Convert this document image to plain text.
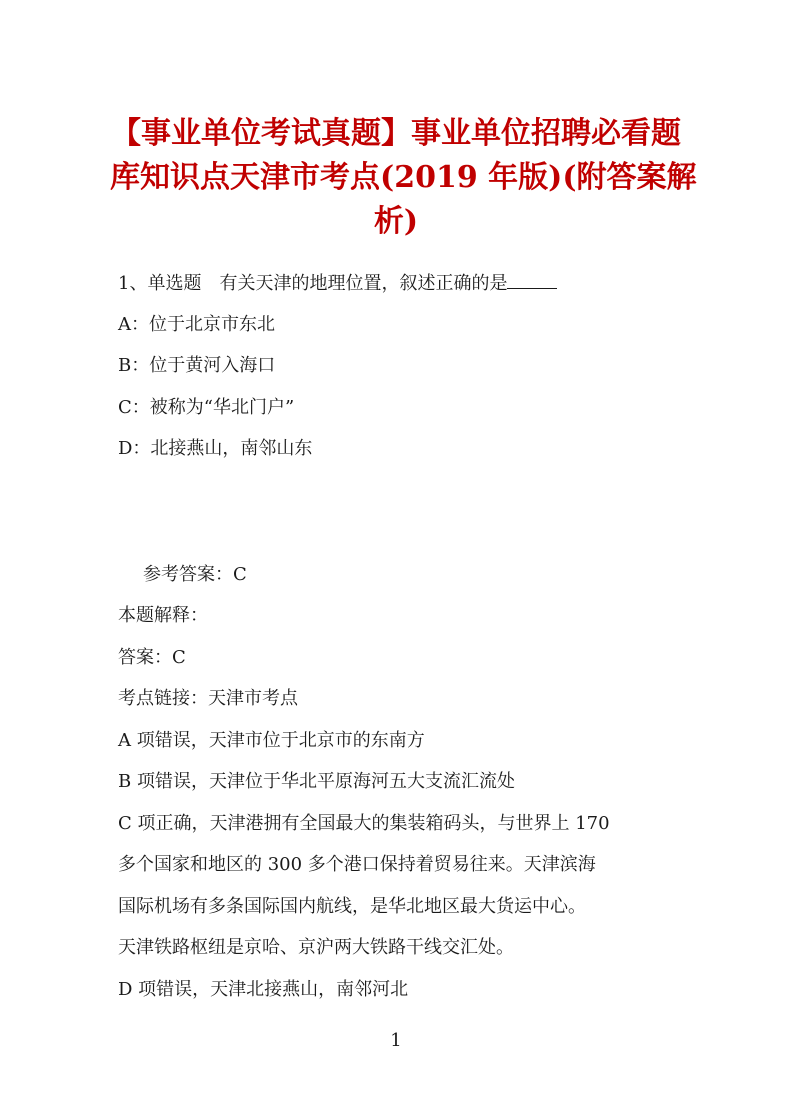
【事业单位考试真题】事业单位招聘必看题
库知识点天津市考点(2019 年版)(附答案解
析)
1、单选题 有关天津的地理位置，叙述正确的是
A：位于北京市东北
B：位于黄河入海口
C：被称为“华北门户”
D：北接燕山，南邻山东
参考答案：C
本题解释：
答案：C
考点链接：天津市考点
A 项错误，天津市位于北京市的东南方
B 项错误，天津位于华北平原海河五大支流汇流处
C 项正确，天津港拥有全国最大的集装箱码头，与世界上 170
多个国家和地区的 300 多个港口保持着贸易往来。天津滨海
国际机场有多条国际国内航线，是华北地区最大货运中心。
天津铁路枢纽是京哈、京沪两大铁路干线交汇处。
D 项错误，天津北接燕山，南邻河北
1
